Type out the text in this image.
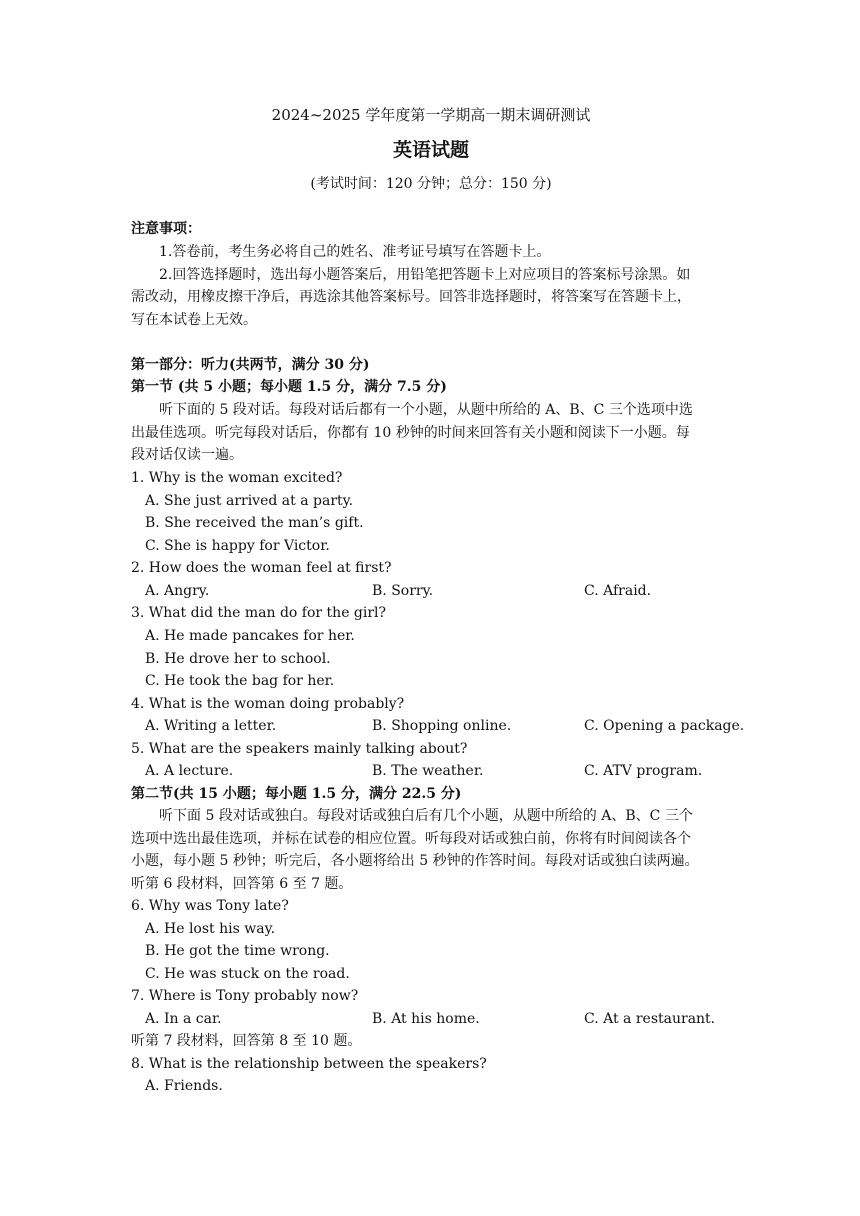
2024~2025 学年度第一学期高一期末调研测试
英语试题
(考试时间：120 分钟；总分：150 分)
注意事项：
1.答卷前，考生务必将自己的姓名、准考证号填写在答题卡上。
2.回答选择题时，选出每小题答案后，用铅笔把答题卡上对应项目的答案标号涂黑。如
需改动，用橡皮擦干净后，再选涂其他答案标号。回答非选择题时，将答案写在答题卡上，
写在本试卷上无效。
第一部分：听力(共两节，满分 30 分)
第一节 (共 5 小题；每小题 1.5 分，满分 7.5 分)
听下面的 5 段对话。每段对话后都有一个小题，从题中所给的 A、B、C 三个选项中选
出最佳选项。听完每段对话后，你都有 10 秒钟的时间来回答有关小题和阅读下一小题。每
段对话仅读一遍。
1. Why is the woman excited?
A. She just arrived at a party.
B. She received the man’s gift.
C. She is happy for Victor.
2. How does the woman feel at first?
A. Angry.	B. Sorry.	C. Afraid.
3. What did the man do for the girl?
A. He made pancakes for her.
B. He drove her to school.
C. He took the bag for her.
4. What is the woman doing probably?
A. Writing a letter.	B. Shopping online.	C. Opening a package.
5. What are the speakers mainly talking about?
A. A lecture.	B. The weather.	C. ATV program.
第二节(共 15 小题；每小题 1.5 分，满分 22.5 分)
听下面 5 段对话或独白。每段对话或独白后有几个小题，从题中所给的 A、B、C 三个
选项中选出最佳选项，并标在试卷的相应位置。听每段对话或独白前，你将有时间阅读各个
小题，每小题 5 秒钟；听完后，各小题将给出 5 秒钟的作答时间。每段对话或独白读两遍。
听第 6 段材料，回答第 6 至 7 题。
6. Why was Tony late?
A. He lost his way.
B. He got the time wrong.
C. He was stuck on the road.
7. Where is Tony probably now?
A. In a car.	B. At his home.	C. At a restaurant.
听第 7 段材料，回答第 8 至 10 题。
8. What is the relationship between the speakers?
A. Friends.
